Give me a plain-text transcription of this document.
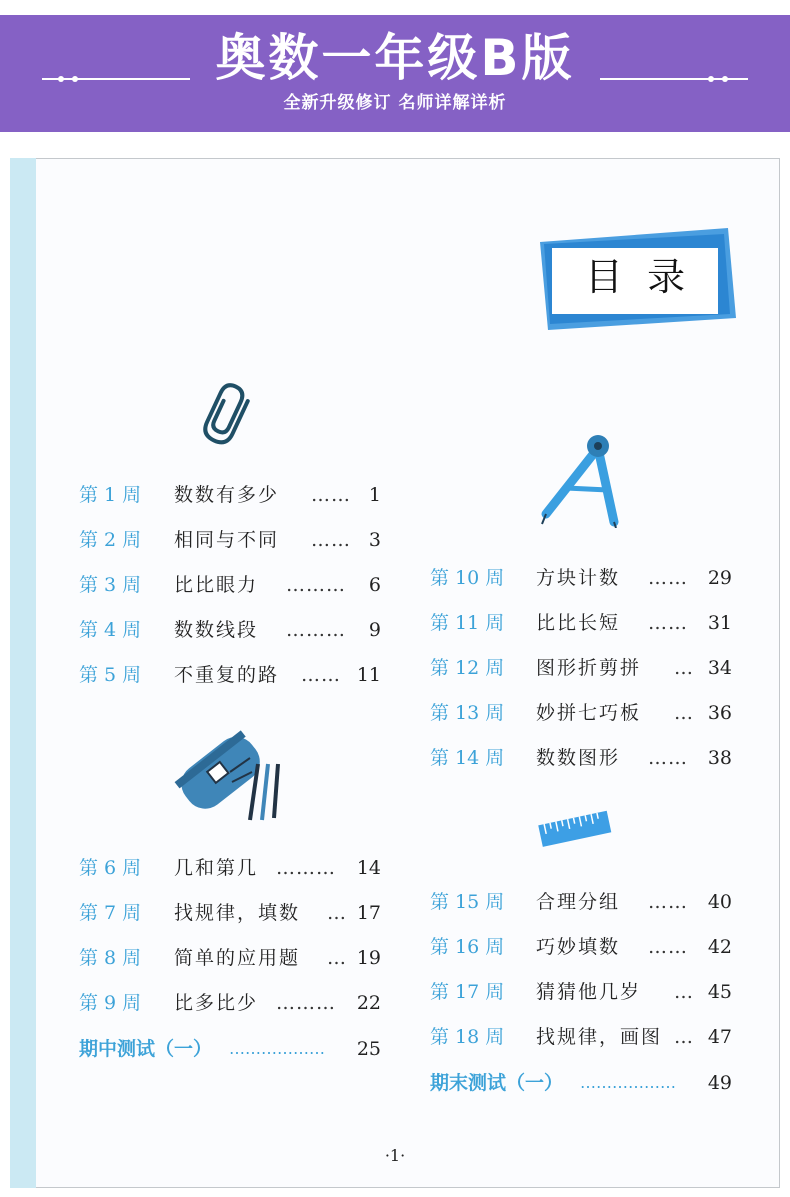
奥数一年级B版
全新升级修订 名师详解详析
目  录
第 1 周 数数有多少 …… 1
第 2 周 相同与不同 …… 3
第 3 周 比比眼力 ……… 6
第 4 周 数数线段 ……… 9
第 5 周 不重复的路 …… 11
第 6 周 几和第几 ……… 14
第 7 周 找规律，填数 … 17
第 8 周 简单的应用题 … 19
第 9 周 比多比少 ……… 22
第 10 周 方块计数 …… 29
第 11 周 比比长短 …… 31
第 12 周 图形折剪拼 … 34
第 13 周 妙拼七巧板 … 36
第 14 周 数数图形 …… 38
第 15 周 合理分组 …… 40
第 16 周 巧妙填数 …… 42
第 17 周 猜猜他几岁 … 45
第 18 周 找规律，画图 … 47
期中测试（一） ……………… 25
期末测试（一） ……………… 49
·1·
